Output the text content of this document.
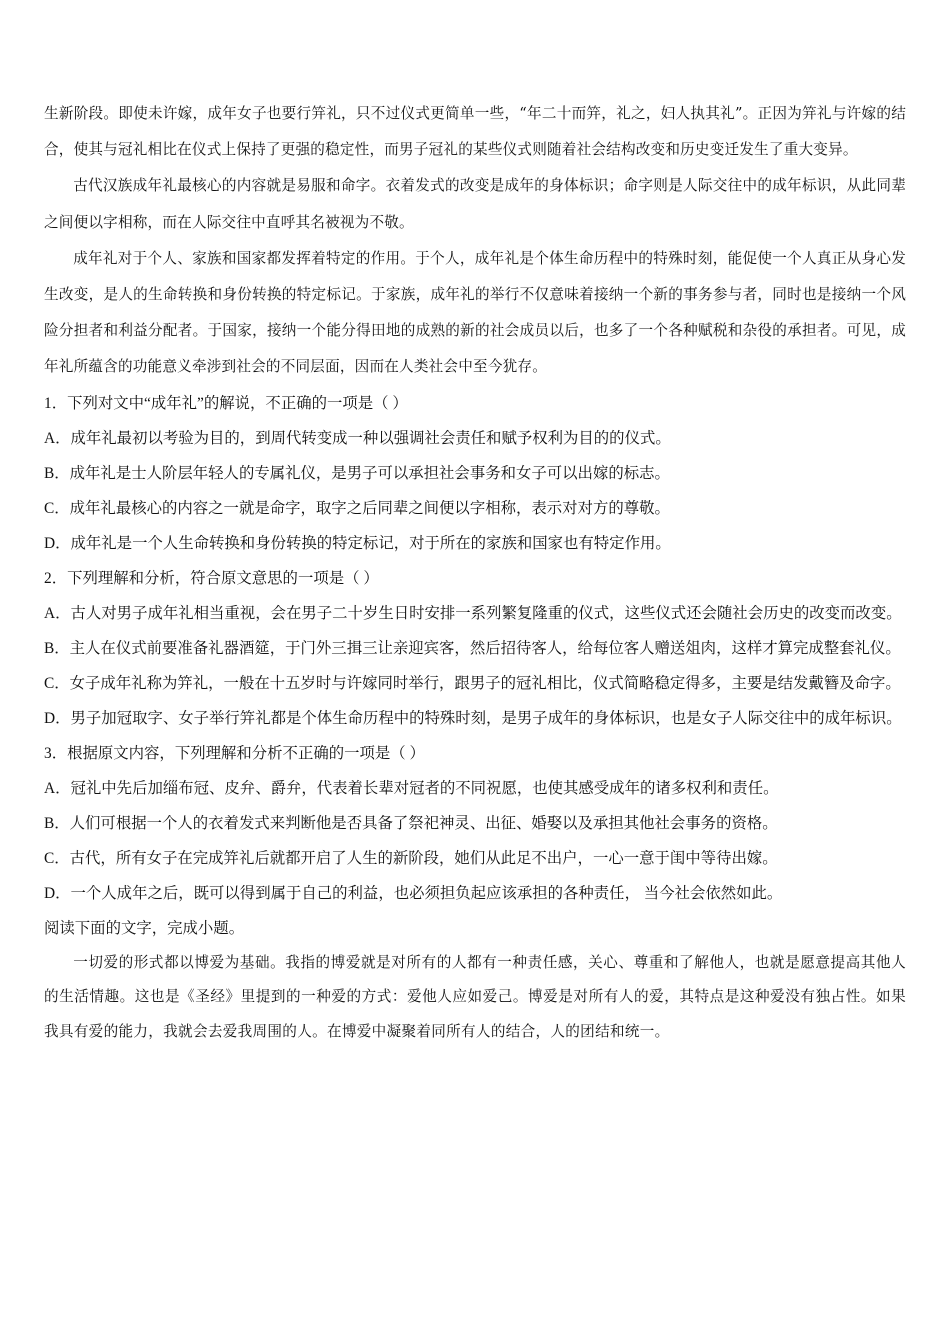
生新阶段。即使未许嫁，成年女子也要行笄礼，只不过仪式更简单一些，“年二十而笄，礼之，妇人执其礼”。正因为笄礼与许嫁的结合，使其与冠礼相比在仪式上保持了更强的稳定性，而男子冠礼的某些仪式则随着社会结构改变和历史变迁发生了重大变异。

古代汉族成年礼最核心的内容就是易服和命字。衣着发式的改变是成年的身体标识；命字则是人际交往中的成年标识，从此同辈之间便以字相称，而在人际交往中直呼其名被视为不敬。

成年礼对于个人、家族和国家都发挥着特定的作用。于个人，成年礼是个体生命历程中的特殊时刻，能促使一个人真正从身心发生改变，是人的生命转换和身份转换的特定标记。于家族，成年礼的举行不仅意味着接纳一个新的事务参与者，同时也是接纳一个风险分担者和利益分配者。于国家，接纳一个能分得田地的成熟的新的社会成员以后，也多了一个各种赋税和杂役的承担者。可见，成年礼所蕴含的功能意义牵涉到社会的不同层面，因而在人类社会中至今犹存。

1．下列对文中“成年礼”的解说，不正确的一项是（ ）

A．成年礼最初以考验为目的，到周代转变成一种以强调社会责任和赋予权利为目的的仪式。

B．成年礼是士人阶层年轻人的专属礼仪，是男子可以承担社会事务和女子可以出嫁的标志。

C．成年礼最核心的内容之一就是命字，取字之后同辈之间便以字相称，表示对对方的尊敬。

D．成年礼是一个人生命转换和身份转换的特定标记，对于所在的家族和国家也有特定作用。

2．下列理解和分析，符合原文意思的一项是（ ）

A．古人对男子成年礼相当重视，会在男子二十岁生日时安排一系列繁复隆重的仪式，这些仪式还会随社会历史的改变而改变。

B．主人在仪式前要准备礼器酒筵，于门外三揖三让亲迎宾客，然后招待客人，给每位客人赠送俎肉，这样才算完成整套礼仪。

C．女子成年礼称为笄礼，一般在十五岁时与许嫁同时举行，跟男子的冠礼相比，仪式简略稳定得多，主要是结发戴簪及命字。

D．男子加冠取字、女子举行笄礼都是个体生命历程中的特殊时刻，是男子成年的身体标识，也是女子人际交往中的成年标识。

3．根据原文内容，下列理解和分析不正确的一项是（ ）

A．冠礼中先后加缁布冠、皮弁、爵弁，代表着长辈对冠者的不同祝愿，也使其感受成年的诸多权利和责任。

B．人们可根据一个人的衣着发式来判断他是否具备了祭祀神灵、出征、婚娶以及承担其他社会事务的资格。

C．古代，所有女子在完成笄礼后就都开启了人生的新阶段，她们从此足不出户，一心一意于闺中等待出嫁。

D．一个人成年之后，既可以得到属于自己的利益，也必须担负起应该承担的各种责任， 当今社会依然如此。

阅读下面的文字，完成小题。

一切爱的形式都以博爱为基础。我指的博爱就是对所有的人都有一种责任感，关心、尊重和了解他人，也就是愿意提高其他人的生活情趣。这也是《圣经》里提到的一种爱的方式：爱他人应如爱己。博爱是对所有人的爱，其特点是这种爱没有独占性。如果我具有爱的能力，我就会去爱我周围的人。在博爱中凝聚着同所有人的结合，人的团结和统一。
